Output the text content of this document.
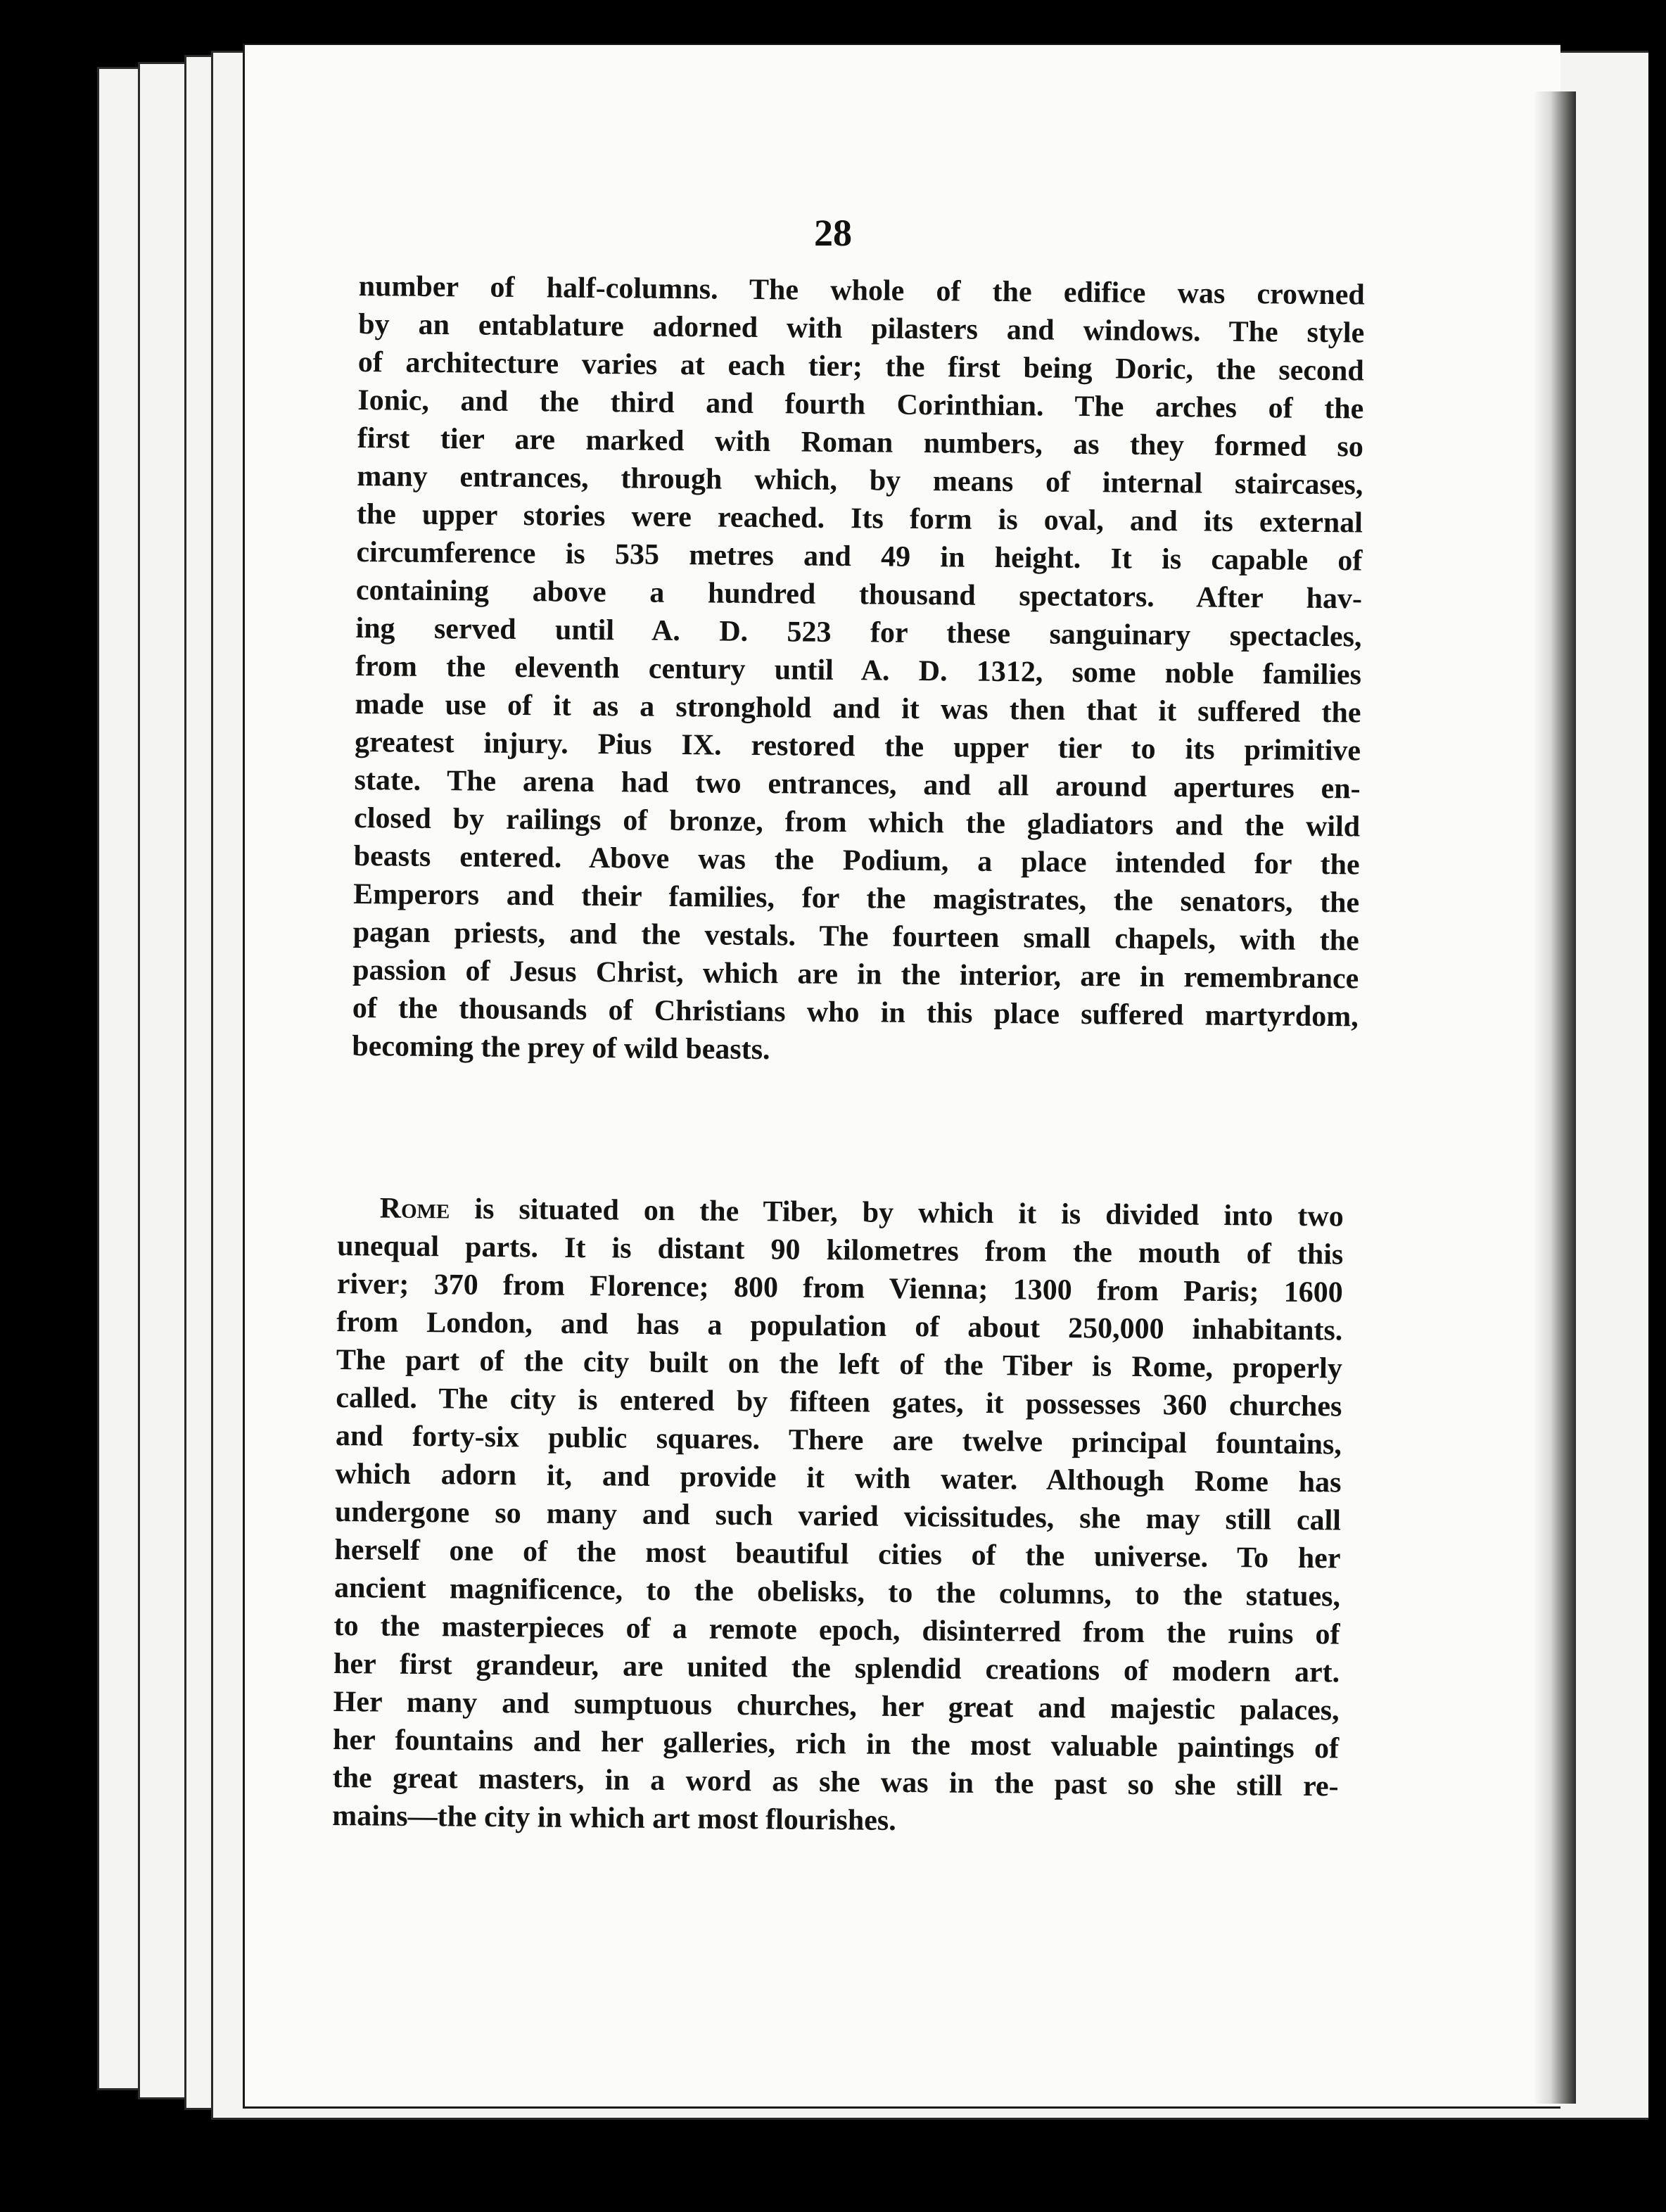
28

number of half-columns. The whole of the edifice was crowned
by an entablature adorned with pilasters and windows. The style
of architecture varies at each tier; the first being Doric, the second
Ionic, and the third and fourth Corinthian. The arches of the
first tier are marked with Roman numbers, as they formed so
many entrances, through which, by means of internal staircases,
the upper stories were reached. Its form is oval, and its external
circumference is 535 metres and 49 in height. It is capable of
containing above a hundred thousand spectators. After hav-
ing served until A. D. 523 for these sanguinary spectacles,
from the eleventh century until A. D. 1312, some noble families
made use of it as a stronghold and it was then that it suffered the
greatest injury. Pius IX. restored the upper tier to its primitive
state. The arena had two entrances, and all around apertures en-
closed by railings of bronze, from which the gladiators and the wild
beasts entered. Above was the Podium, a place intended for the
Emperors and their families, for the magistrates, the senators, the
pagan priests, and the vestals. The fourteen small chapels, with the
passion of Jesus Christ, which are in the interior, are in remembrance
of the thousands of Christians who in this place suffered martyrdom,
becoming the prey of wild beasts.
Rome is situated on the Tiber, by which it is divided into two
unequal parts. It is distant 90 kilometres from the mouth of this
river; 370 from Florence; 800 from Vienna; 1300 from Paris; 1600
from London, and has a population of about 250,000 inhabitants.
The part of the city built on the left of the Tiber is Rome, properly
called. The city is entered by fifteen gates, it possesses 360 churches
and forty-six public squares. There are twelve principal fountains,
which adorn it, and provide it with water. Although Rome has
undergone so many and such varied vicissitudes, she may still call
herself one of the most beautiful cities of the universe. To her
ancient magnificence, to the obelisks, to the columns, to the statues,
to the masterpieces of a remote epoch, disinterred from the ruins of
her first grandeur, are united the splendid creations of modern art.
Her many and sumptuous churches, her great and majestic palaces,
her fountains and her galleries, rich in the most valuable paintings of
the great masters, in a word as she was in the past so she still re-
mains—the city in which art most flourishes.
